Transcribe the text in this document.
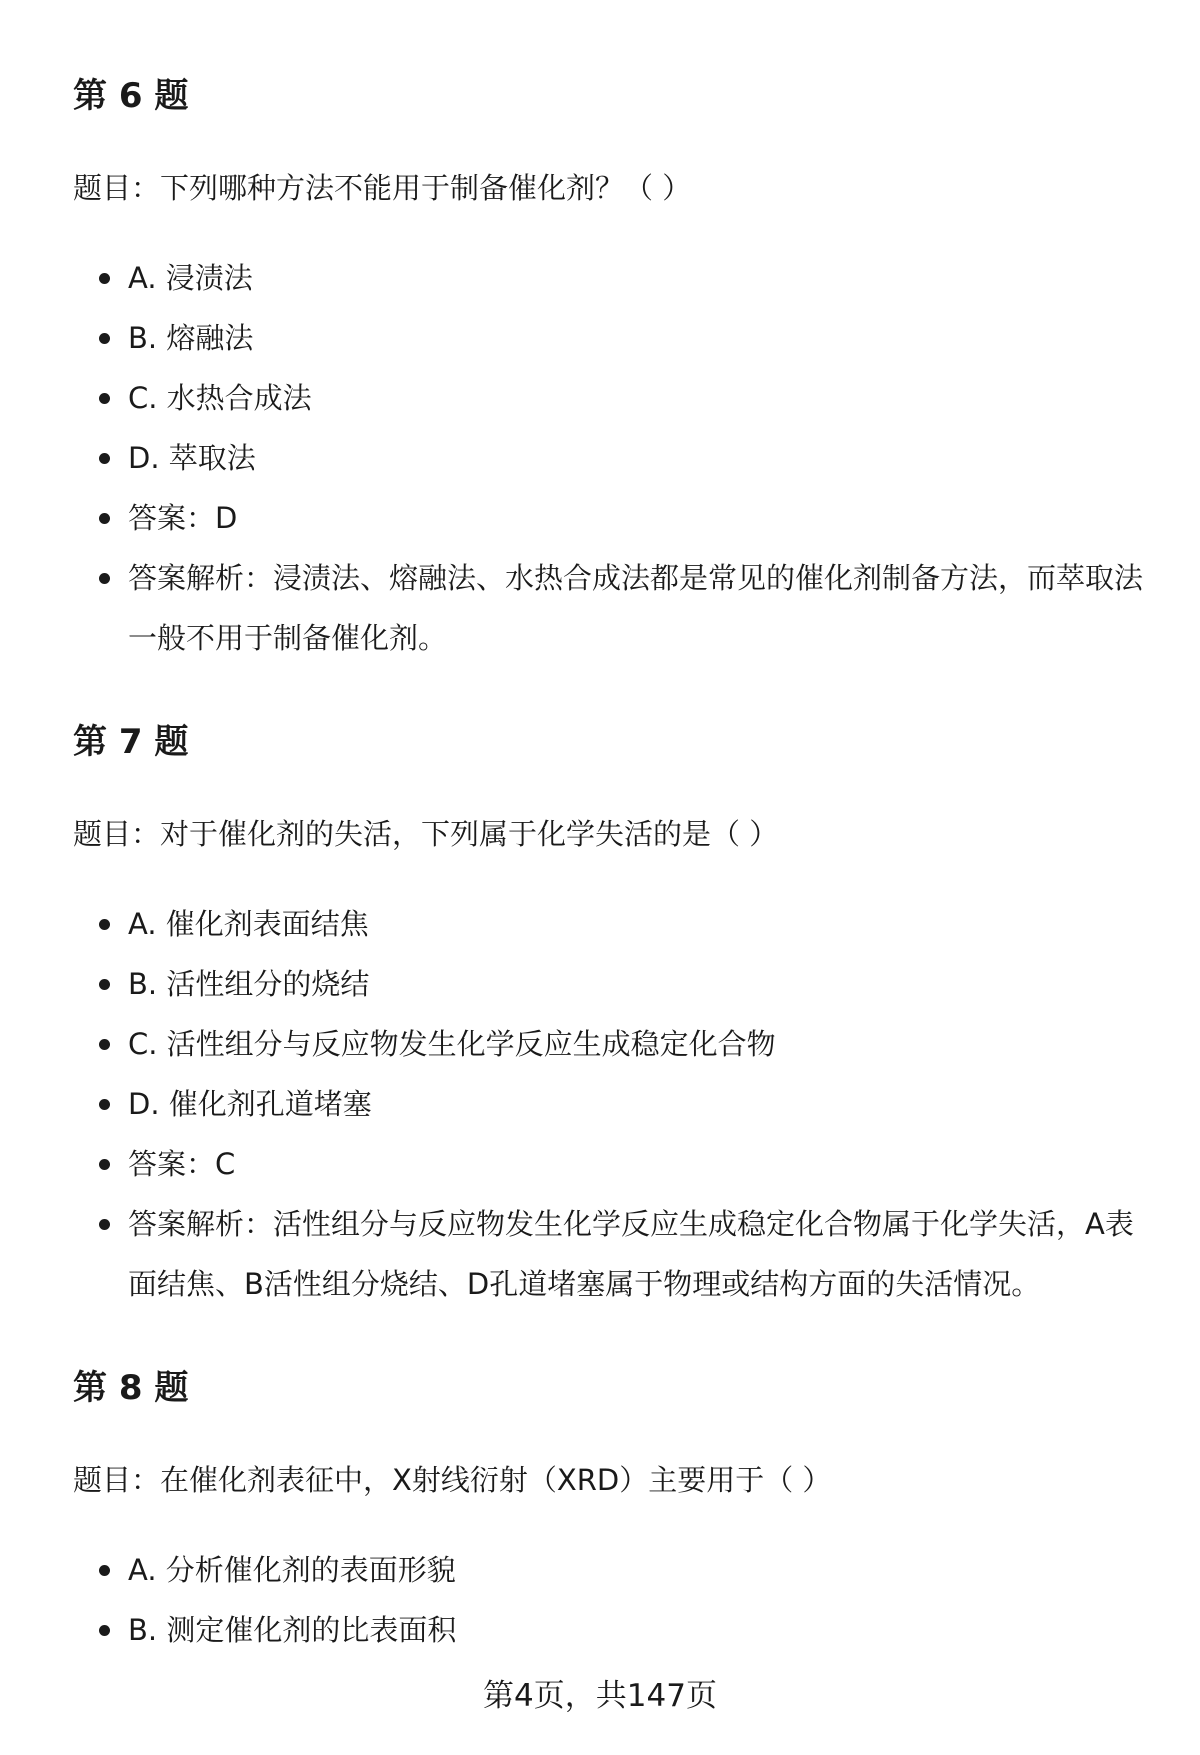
第 6 题

题目：下列哪种方法不能用于制备催化剂？（ ）

A. 浸渍法
B. 熔融法
C. 水热合成法
D. 萃取法
答案：D
答案解析：浸渍法、熔融法、水热合成法都是常见的催化剂制备方法，而萃取法一般不用于制备催化剂。
第 7 题

题目：对于催化剂的失活，下列属于化学失活的是（ ）

A. 催化剂表面结焦
B. 活性组分的烧结
C. 活性组分与反应物发生化学反应生成稳定化合物
D. 催化剂孔道堵塞
答案：C
答案解析：活性组分与反应物发生化学反应生成稳定化合物属于化学失活，A表面结焦、B活性组分烧结、D孔道堵塞属于物理或结构方面的失活情况。
第 8 题

题目：在催化剂表征中，X射线衍射（XRD）主要用于（ ）

A. 分析催化剂的表面形貌
B. 测定催化剂的比表面积
第4页，共147页
